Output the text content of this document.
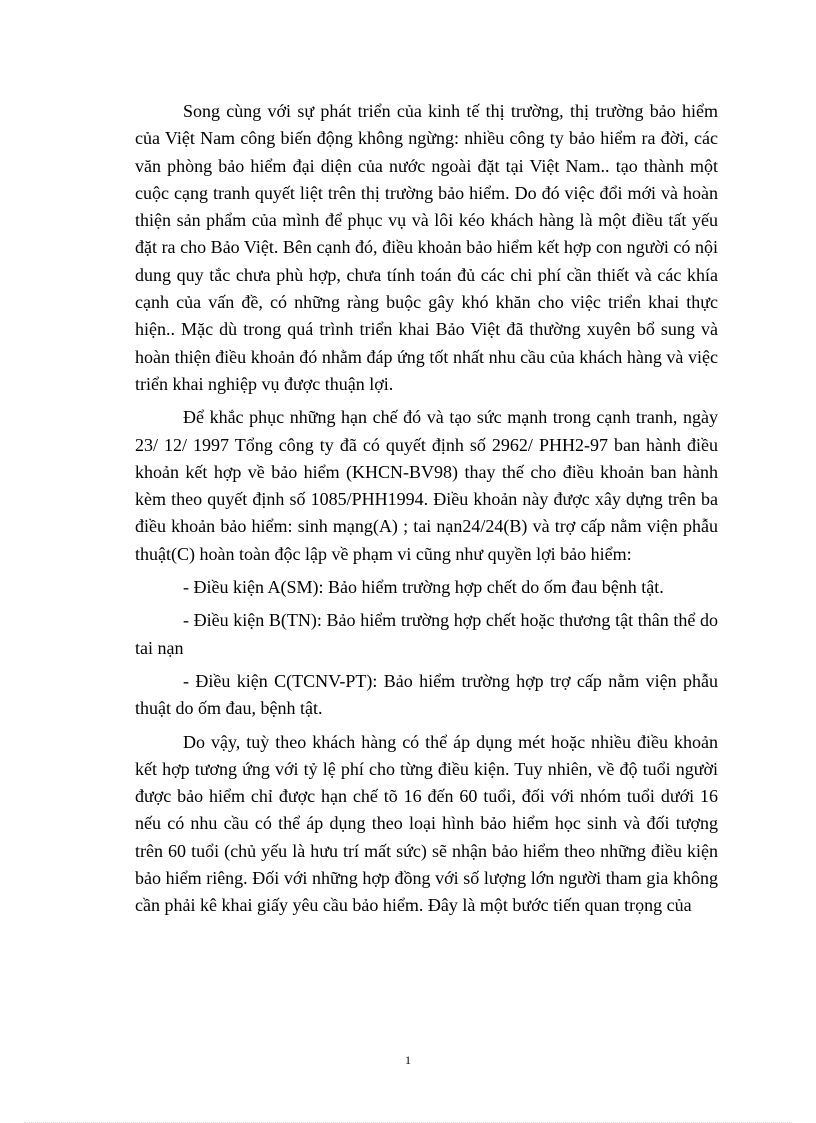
Song cùng với sự phát triển của kinh tế thị trường, thị trường bảo hiểm của Việt Nam công biến động không ngừng: nhiều công ty bảo hiểm ra đời, các văn phòng bảo hiểm đại diện của nước ngoài đặt tại Việt Nam.. tạo thành một cuộc cạng tranh quyết liệt trên thị trường bảo hiểm. Do đó việc đổi mới và hoàn thiện sản phẩm của mình để phục vụ và lôi kéo khách hàng là một điều tất yếu đặt ra cho Bảo Việt. Bên cạnh đó, điều khoản bảo hiểm kết hợp con người có nội dung quy tắc chưa phù hợp, chưa tính toán đủ các chi phí cần thiết và các khía cạnh của vấn đề, có những ràng buộc gây khó khăn cho việc triển khai thực hiện.. Mặc dù trong quá trình triển khai Bảo Việt đã thường xuyên bổ sung và hoàn thiện điều khoản đó nhằm đáp ứng tốt nhất nhu cầu của khách hàng và việc triển khai nghiệp vụ được thuận lợi.

Để khắc phục những hạn chế đó và tạo sức mạnh trong cạnh tranh, ngày 23/ 12/ 1997 Tổng công ty đã có quyết định số 2962/ PHH2-97 ban hành điều khoản kết hợp về bảo hiểm (KHCN-BV98) thay thế cho điều khoản ban hành kèm theo quyết định số 1085/PHH1994. Điều khoản này được xây dựng trên ba điều khoản bảo hiểm: sinh mạng(A) ; tai nạn24/24(B) và trợ cấp nằm viện phẫu thuật(C) hoàn toàn độc lập về phạm vi cũng như quyền lợi bảo hiểm:

- Điều kiện A(SM): Bảo hiểm trường hợp chết do ốm đau bệnh tật.

- Điều kiện B(TN): Bảo hiểm trường hợp chết hoặc thương tật thân thể do tai nạn

- Điều kiện C(TCNV-PT): Bảo hiểm trường hợp trợ cấp nằm viện phẫu thuật do ốm đau, bệnh tật.

Do vậy, tuỳ theo khách hàng có thể áp dụng mét hoặc nhiều điều khoản kết hợp tương ứng với tỷ lệ phí cho từng điều kiện. Tuy nhiên, về độ tuổi người được bảo hiểm chỉ được hạn chế tõ 16 đến 60 tuổi, đối với nhóm tuổi dưới 16 nếu có nhu cầu có thể áp dụng theo loại hình bảo hiểm học sinh và đối tượng trên 60 tuổi (chủ yếu là hưu trí mất sức) sẽ nhận bảo hiểm theo những điều kiện bảo hiểm riêng. Đối với những hợp đồng với số lượng lớn người tham gia không cần phải kê khai giấy yêu cầu bảo hiểm. Đây là một bước tiến quan trọng của

1
